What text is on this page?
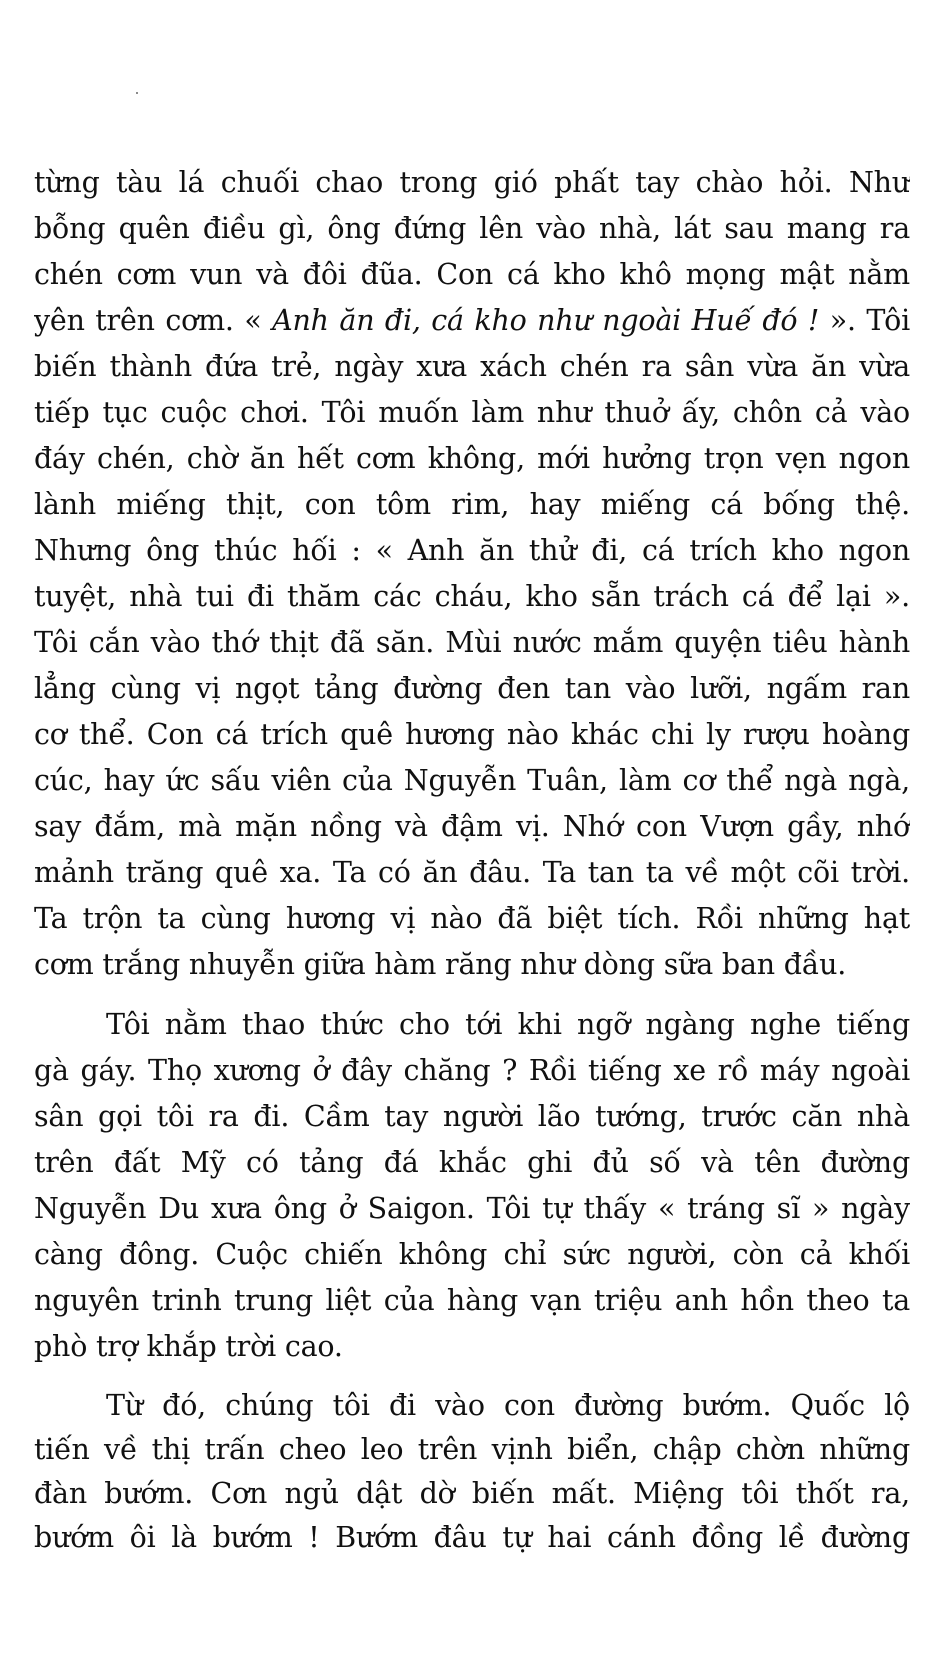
từng tàu lá chuối chao trong gió phất tay chào hỏi. Như
bỗng quên điều gì, ông đứng lên vào nhà, lát sau mang ra
chén cơm vun và đôi đũa. Con cá kho khô mọng mật nằm
yên trên cơm. « Anh ăn đi, cá kho như ngoài Huế đó ! ». Tôi
biến thành đứa trẻ, ngày xưa xách chén ra sân vừa ăn vừa
tiếp tục cuộc chơi. Tôi muốn làm như thuở ấy, chôn cả vào
đáy chén, chờ ăn hết cơm không, mới hưởng trọn vẹn ngon
lành miếng thịt, con tôm rim, hay miếng cá bống thệ.
Nhưng ông thúc hối : « Anh ăn thử đi, cá trích kho ngon
tuyệt, nhà tui đi thăm các cháu, kho sẵn trách cá để lại ».
Tôi cắn vào thớ thịt đã săn. Mùi nước mắm quyện tiêu hành
lẳng cùng vị ngọt tảng đường đen tan vào lưỡi, ngấm ran
cơ thể. Con cá trích quê hương nào khác chi ly rượu hoàng
cúc, hay ức sấu viên của Nguyễn Tuân, làm cơ thể ngà ngà,
say đắm, mà mặn nồng và đậm vị. Nhớ con Vượn gầy, nhớ
mảnh trăng quê xa. Ta có ăn đâu. Ta tan ta về một cõi trời.
Ta trộn ta cùng hương vị nào đã biệt tích. Rồi những hạt
cơm trắng nhuyễn giữa hàm răng như dòng sữa ban đầu.
Tôi nằm thao thức cho tới khi ngỡ ngàng nghe tiếng
gà gáy. Thọ xương ở đây chăng ? Rồi tiếng xe rồ máy ngoài
sân gọi tôi ra đi. Cầm tay người lão tướng, trước căn nhà
trên đất Mỹ có tảng đá khắc ghi đủ số và tên đường
Nguyễn Du xưa ông ở Saigon. Tôi tự thấy « tráng sĩ » ngày
càng đông. Cuộc chiến không chỉ sức người, còn cả khối
nguyên trinh trung liệt của hàng vạn triệu anh hồn theo ta
phò trợ khắp trời cao.
Từ đó, chúng tôi đi vào con đường bướm. Quốc lộ
tiến về thị trấn cheo leo trên vịnh biển, chập chờn những
đàn bướm. Cơn ngủ dật dờ biến mất. Miệng tôi thốt ra,
bướm ôi là bướm ! Bướm đâu tự hai cánh đồng lề đường
